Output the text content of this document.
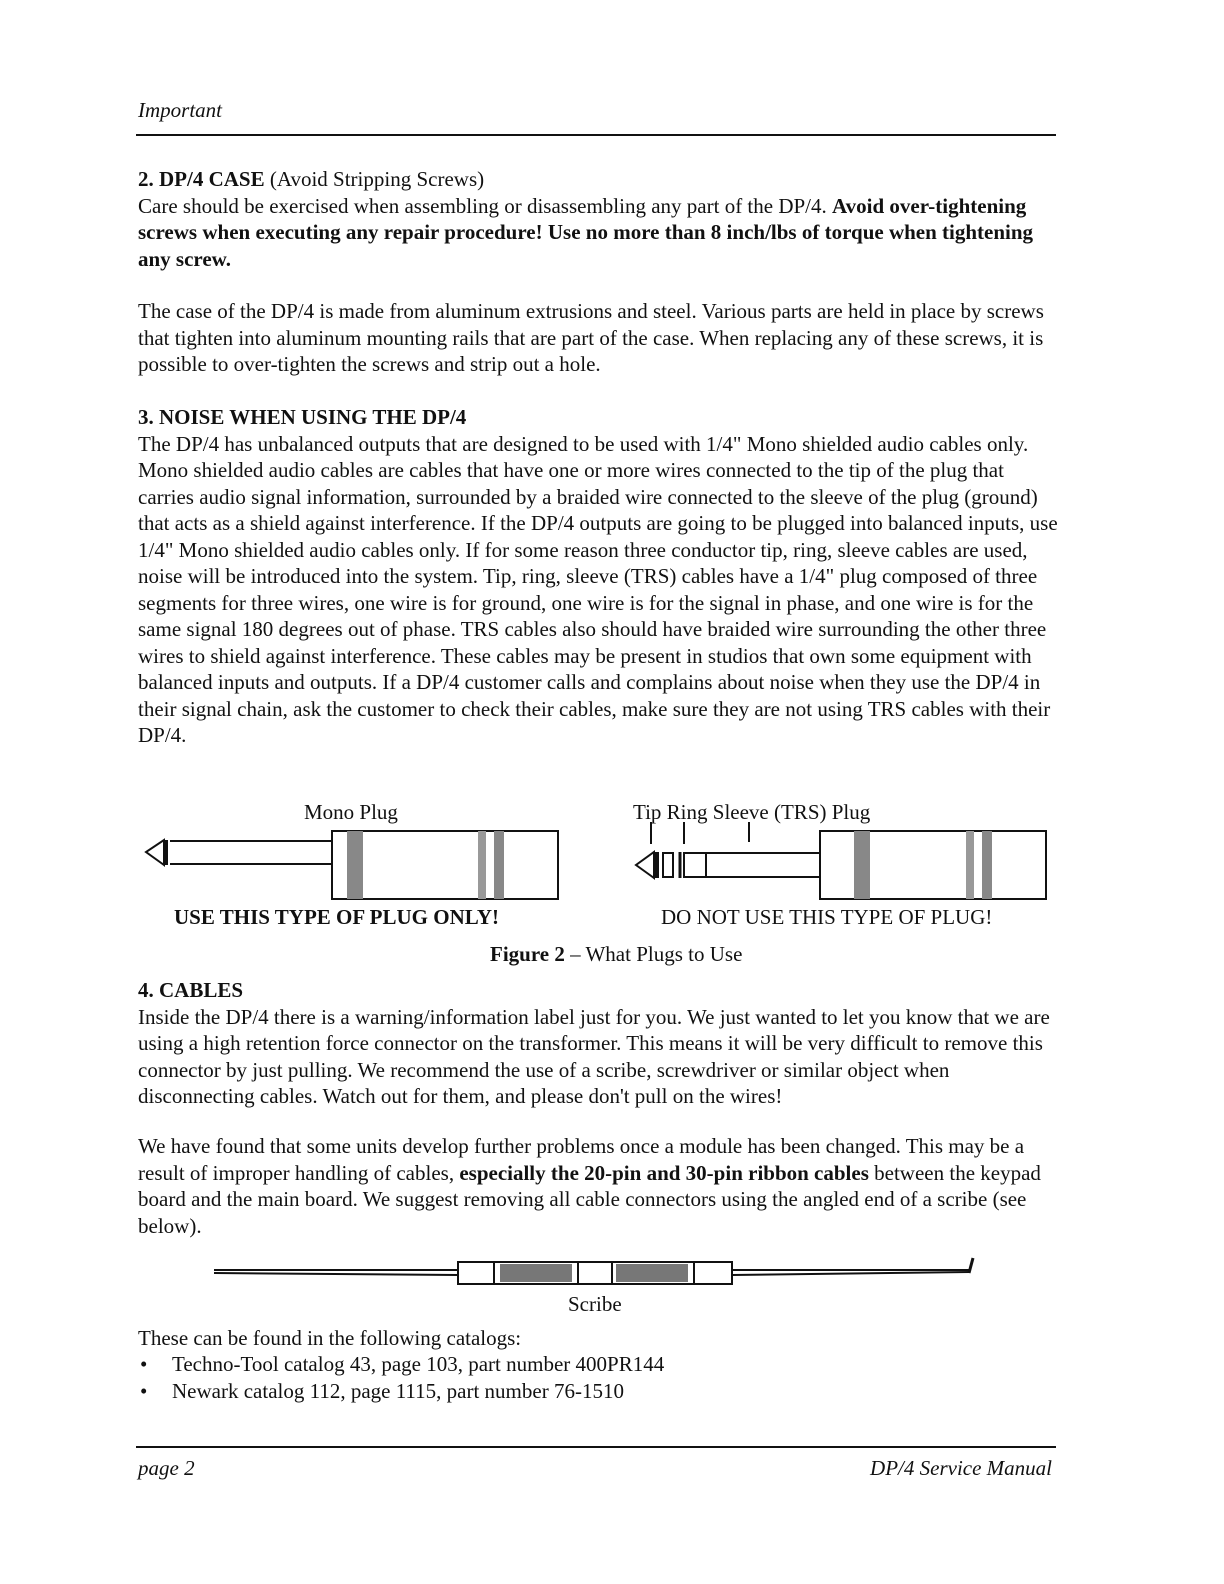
Important

2. DP/4 CASE (Avoid Stripping Screws)

Care should be exercised when assembling or disassembling any part of the DP/4. Avoid over-tightening screws when executing any repair procedure! Use no more than 8 inch/lbs of torque when tightening any screw.

The case of the DP/4 is made from aluminum extrusions and steel. Various parts are held in place by screws that tighten into aluminum mounting rails that are part of the case. When replacing any of these screws, it is possible to over-tighten the screws and strip out a hole.

3. NOISE WHEN USING THE DP/4

The DP/4 has unbalanced outputs that are designed to be used with 1/4" Mono shielded audio cables only. Mono shielded audio cables are cables that have one or more wires connected to the tip of the plug that carries audio signal information, surrounded by a braided wire connected to the sleeve of the plug (ground) that acts as a shield against interference. If the DP/4 outputs are going to be plugged into balanced inputs, use 1/4" Mono shielded audio cables only. If for some reason three conductor tip, ring, sleeve cables are used, noise will be introduced into the system. Tip, ring, sleeve (TRS) cables have a 1/4" plug composed of three segments for three wires, one wire is for ground, one wire is for the signal in phase, and one wire is for the same signal 180 degrees out of phase. TRS cables also should have braided wire surrounding the other three wires to shield against interference. These cables may be present in studios that own some equipment with balanced inputs and outputs. If a DP/4 customer calls and complains about noise when they use the DP/4 in their signal chain, ask the customer to check their cables, make sure they are not using TRS cables with their DP/4.

Mono Plug	Tip Ring Sleeve (TRS) Plug
USE THIS TYPE OF PLUG ONLY!	DO NOT USE THIS TYPE OF PLUG!
Figure 2 – What Plugs to Use

4. CABLES

Inside the DP/4 there is a warning/information label just for you. We just wanted to let you know that we are using a high retention force connector on the transformer. This means it will be very difficult to remove this connector by just pulling. We recommend the use of a scribe, screwdriver or similar object when disconnecting cables. Watch out for them, and please don't pull on the wires!

We have found that some units develop further problems once a module has been changed. This may be a result of improper handling of cables, especially the 20-pin and 30-pin ribbon cables between the keypad board and the main board. We suggest removing all cable connectors using the angled end of a scribe (see below).
Scribe
These can be found in the following catalogs:
• Techno-Tool catalog 43, page 103, part number 400PR144
• Newark catalog 112, page 1115, part number 76-1510
page 2	DP/4 Service Manual
